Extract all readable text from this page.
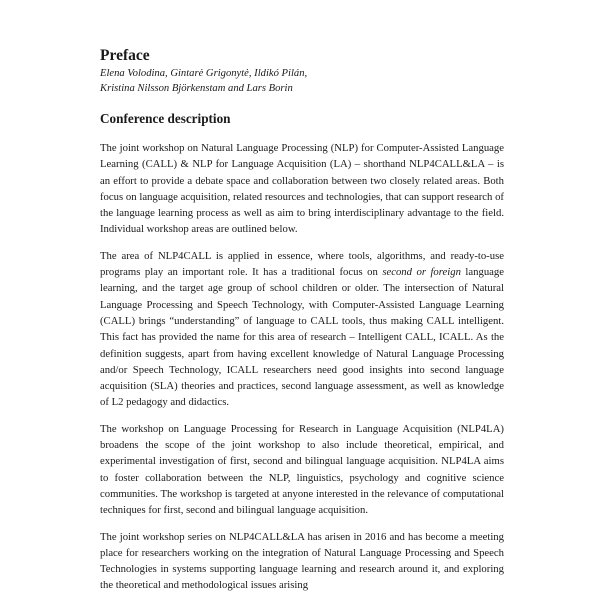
Preface

Elena Volodina, Gintarė Grigonytė, Ildikó Pilán,
Kristina Nilsson Björkenstam and Lars Borin

Conference description

The joint workshop on Natural Language Processing (NLP) for Computer-Assisted Language Learning (CALL) & NLP for Language Acquisition (LA) – shorthand NLP4CALL&LA – is an effort to provide a debate space and collaboration between two closely related areas. Both focus on language acquisition, related resources and technologies, that can support research of the language learning process as well as aim to bring interdisciplinary advantage to the field. Individual workshop areas are outlined below.

The area of NLP4CALL is applied in essence, where tools, algorithms, and ready-to-use programs play an important role. It has a traditional focus on second or foreign language learning, and the target age group of school children or older. The intersection of Natural Language Processing and Speech Technology, with Computer-Assisted Language Learning (CALL) brings “understanding” of language to CALL tools, thus making CALL intelligent. This fact has provided the name for this area of research – Intelligent CALL, ICALL. As the definition suggests, apart from having excellent knowledge of Natural Language Processing and/or Speech Technology, ICALL researchers need good insights into second language acquisition (SLA) theories and practices, second language assessment, as well as knowledge of L2 pedagogy and didactics.

The workshop on Language Processing for Research in Language Acquisition (NLP4LA) broadens the scope of the joint workshop to also include theoretical, empirical, and experimental investigation of first, second and bilingual language acquisition. NLP4LA aims to foster collaboration between the NLP, linguistics, psychology and cognitive science communities. The workshop is targeted at anyone interested in the relevance of computational techniques for first, second and bilingual language acquisition.

The joint workshop series on NLP4CALL&LA has arisen in 2016 and has become a meeting place for researchers working on the integration of Natural Language Processing and Speech Technologies in systems supporting language learning and research around it, and exploring the theoretical and methodological issues arising
